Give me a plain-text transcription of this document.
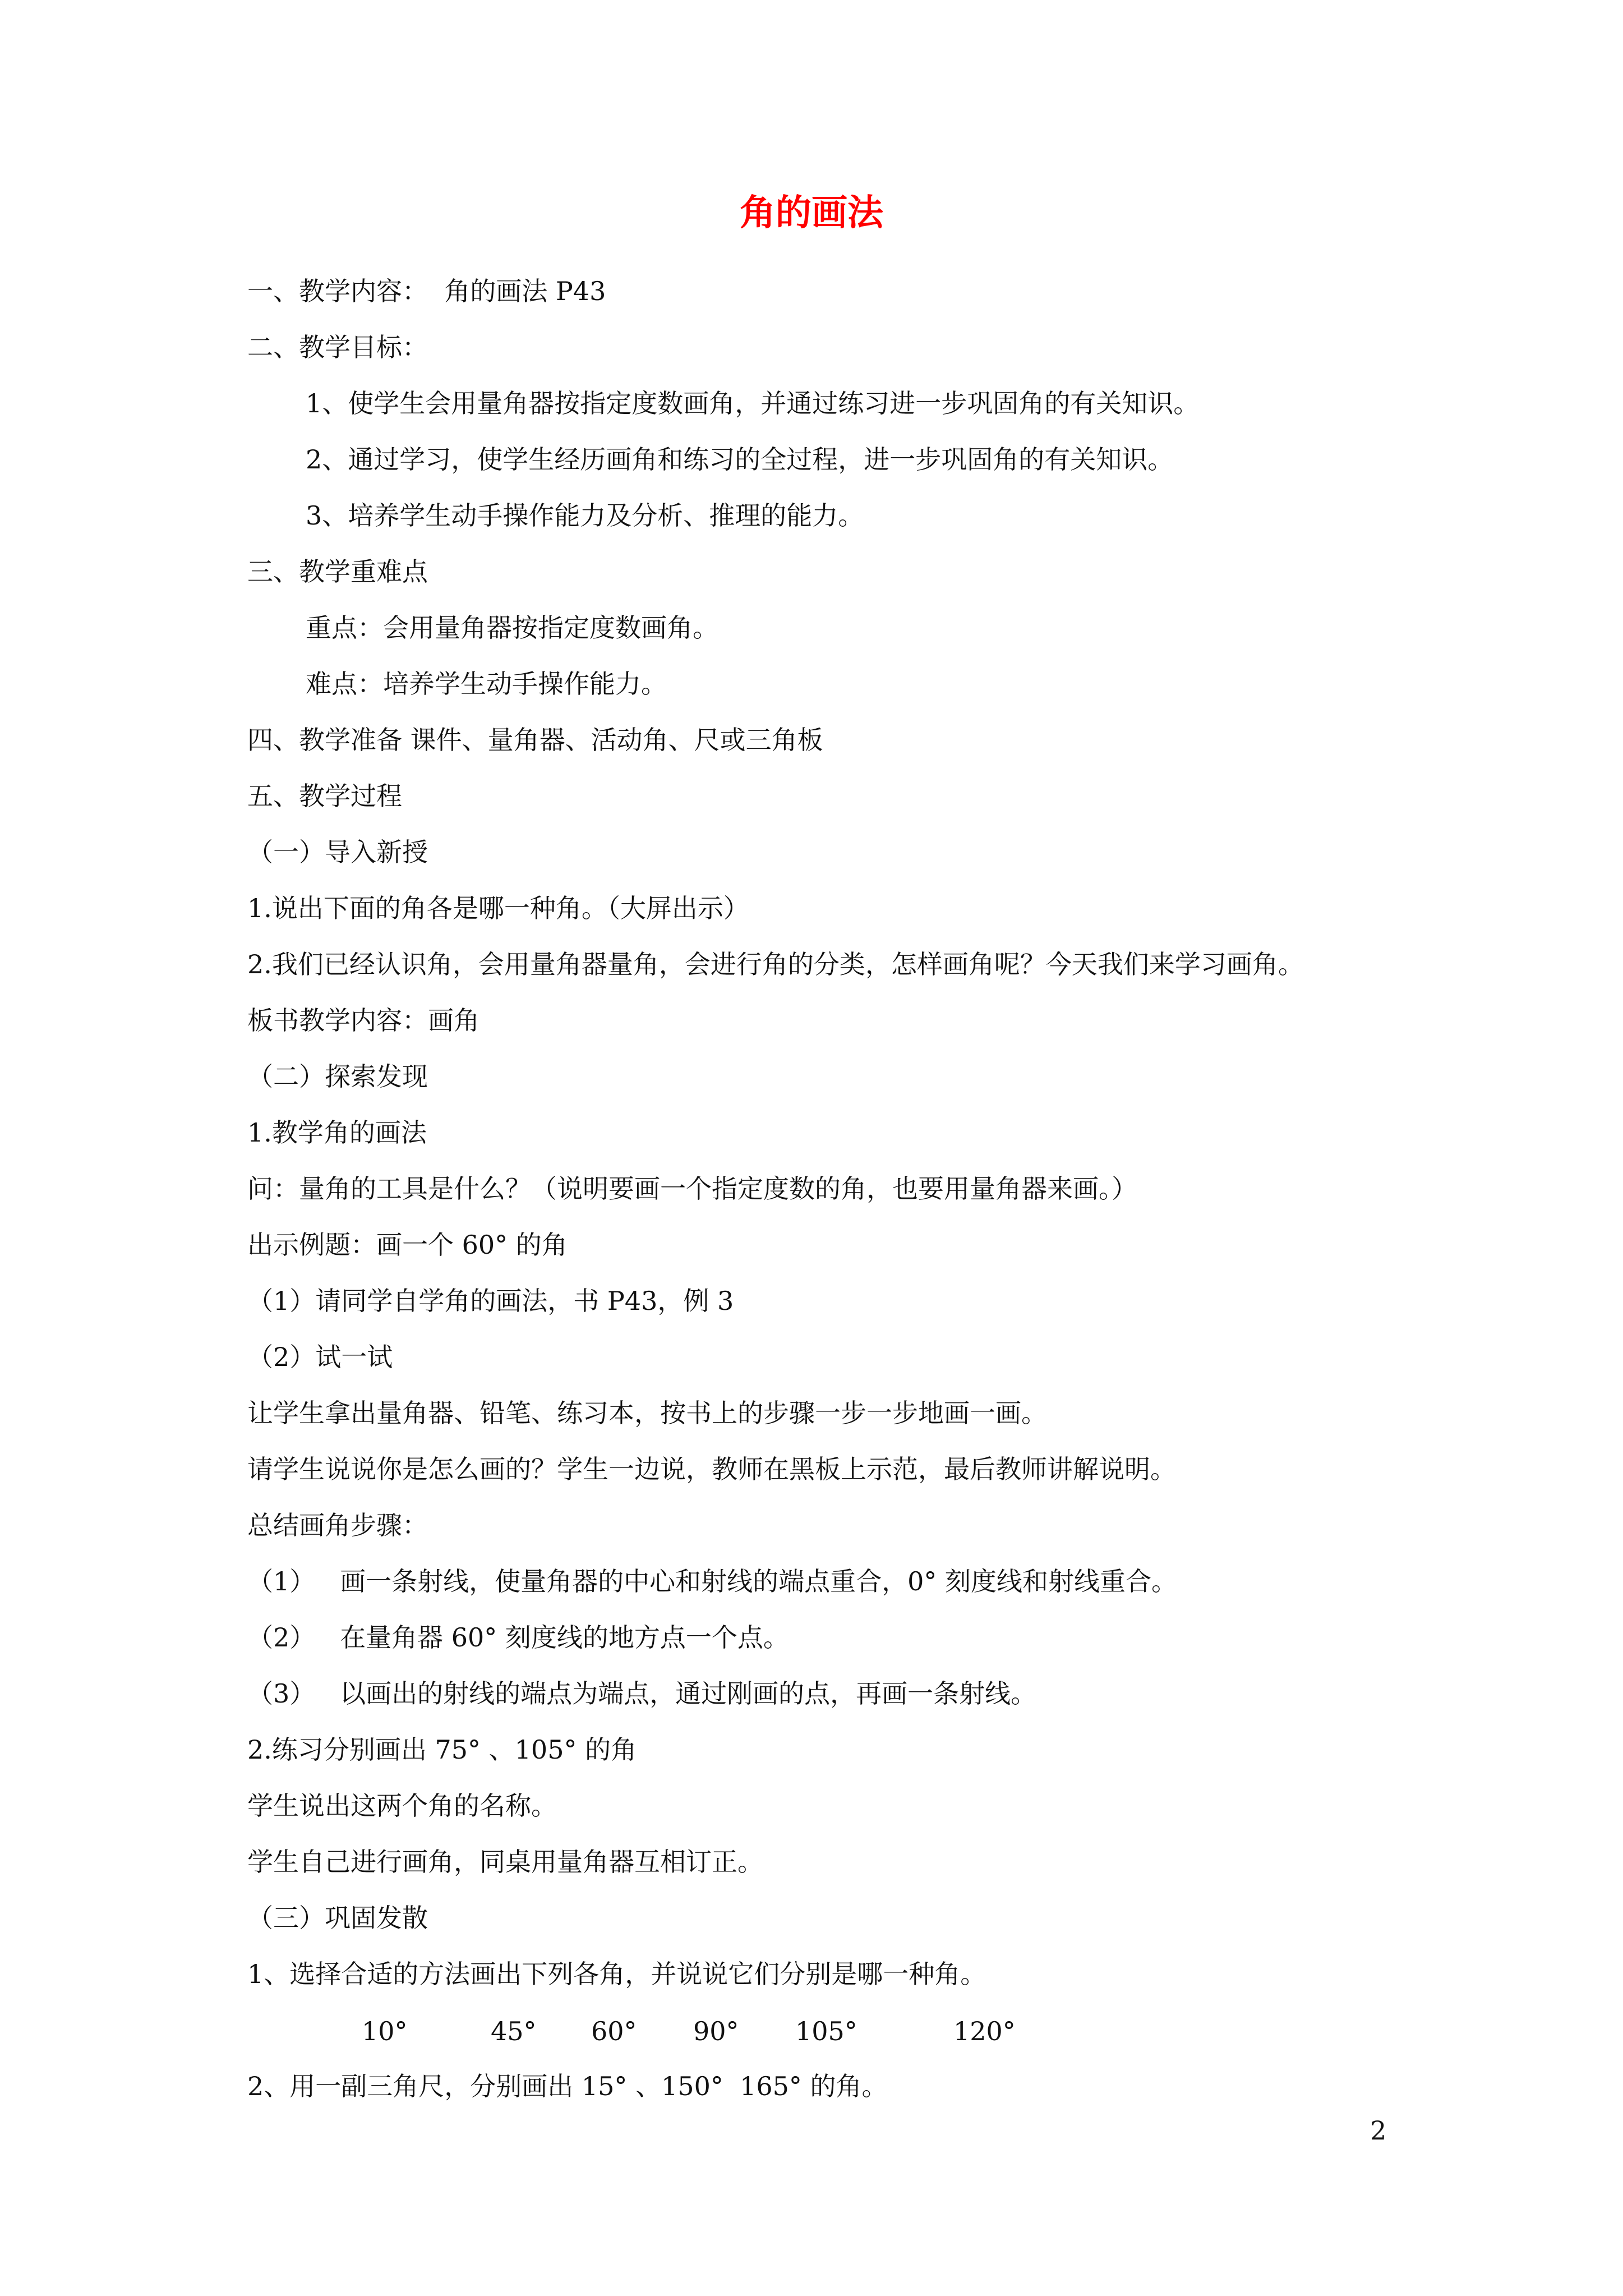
角的画法
一、教学内容：  角的画法 P43
二、教学目标：
1、使学生会用量角器按指定度数画角，并通过练习进一步巩固角的有关知识。
2、通过学习，使学生经历画角和练习的全过程，进一步巩固角的有关知识。
3、培养学生动手操作能力及分析、推理的能力。
三、教学重难点
重点：会用量角器按指定度数画角。
难点：培养学生动手操作能力。
四、教学准备 课件、量角器、活动角、尺或三角板
五、教学过程
（一）导入新授
1.说出下面的角各是哪一种角。（大屏出示）
2.我们已经认识角，会用量角器量角，会进行角的分类，怎样画角呢？今天我们来学习画角。
板书教学内容：画角
（二）探索发现
1.教学角的画法
问：量角的工具是什么？（说明要画一个指定度数的角，也要用量角器来画。）
出示例题：画一个 60° 的角
（1）请同学自学角的画法，书 P43，例 3
（2）试一试
让学生拿出量角器、铅笔、练习本，按书上的步骤一步一步地画一画。
请学生说说你是怎么画的？学生一边说，教师在黑板上示范，最后教师讲解说明。
总结画角步骤：
（1）   画一条射线，使量角器的中心和射线的端点重合，0° 刻度线和射线重合。
（2）   在量角器 60° 刻度线的地方点一个点。
（3）   以画出的射线的端点为端点，通过刚画的点，再画一条射线。
2.练习分别画出 75° 、105° 的角
学生说出这两个角的名称。
学生自己进行画角，同桌用量角器互相订正。
（三）巩固发散
1、选择合适的方法画出下列各角，并说说它们分别是哪一种角。
10°	45° 60° 90° 105°	120°
2、用一副三角尺，分别画出 15° 、150°  165° 的角。
2
